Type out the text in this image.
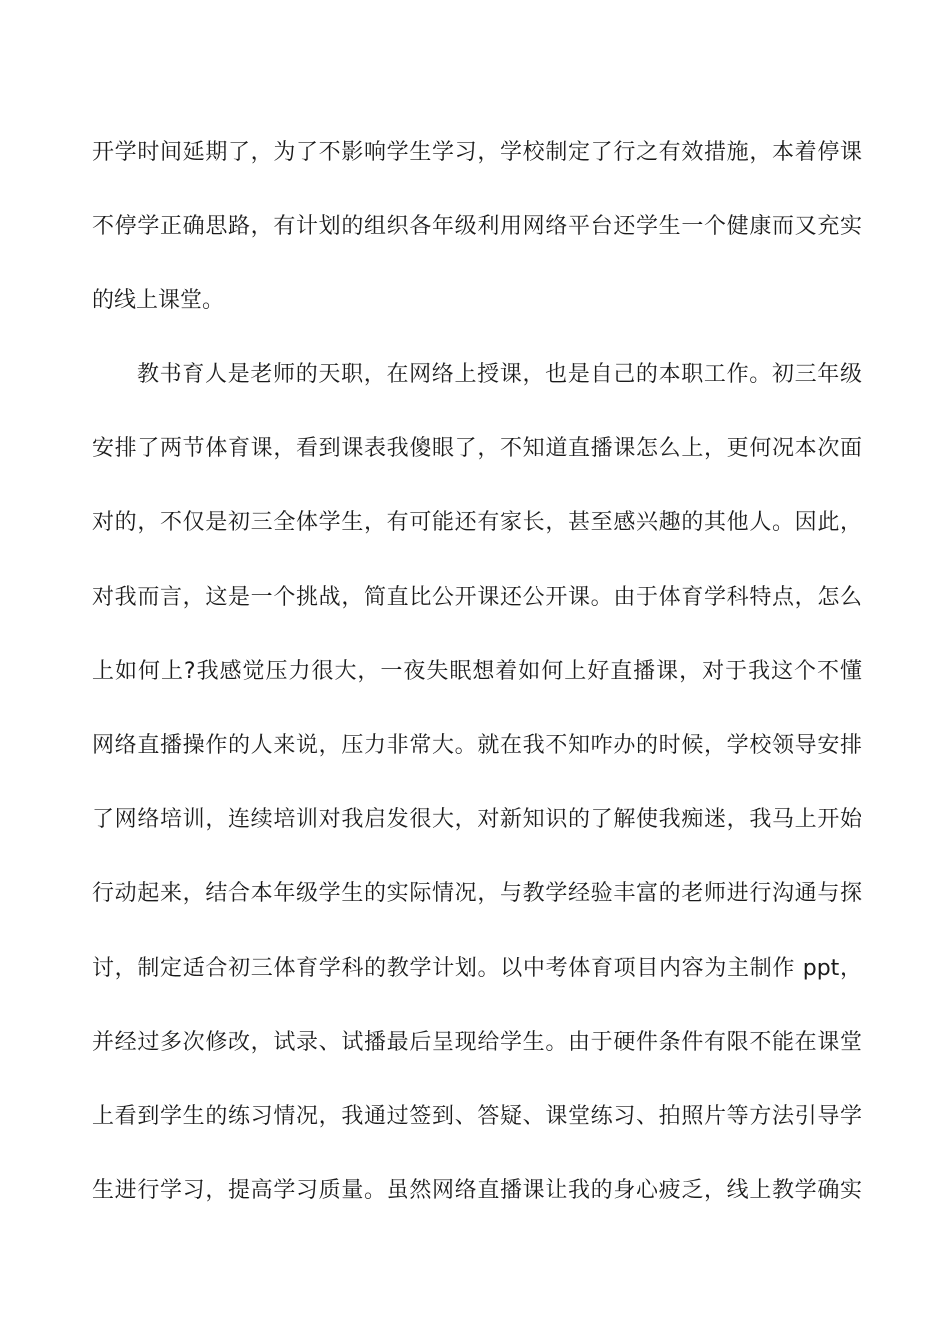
开学时间延期了，为了不影响学生学习，学校制定了行之有效措施，本着停课
不停学正确思路，有计划的组织各年级利用网络平台还学生一个健康而又充实
的线上课堂。
教书育人是老师的天职，在网络上授课，也是自己的本职工作。初三年级
安排了两节体育课，看到课表我傻眼了，不知道直播课怎么上，更何况本次面
对的，不仅是初三全体学生，有可能还有家长，甚至感兴趣的其他人。因此，
对我而言，这是一个挑战，简直比公开课还公开课。由于体育学科特点，怎么
上如何上?我感觉压力很大，一夜失眠想着如何上好直播课，对于我这个不懂
网络直播操作的人来说，压力非常大。就在我不知咋办的时候，学校领导安排
了网络培训，连续培训对我启发很大，对新知识的了解使我痴迷，我马上开始
行动起来，结合本年级学生的实际情况，与教学经验丰富的老师进行沟通与探
讨，制定适合初三体育学科的教学计划。以中考体育项目内容为主制作 ppt，
并经过多次修改，试录、试播最后呈现给学生。由于硬件条件有限不能在课堂
上看到学生的练习情况，我通过签到、答疑、课堂练习、拍照片等方法引导学
生进行学习，提高学习质量。虽然网络直播课让我的身心疲乏，线上教学确实
